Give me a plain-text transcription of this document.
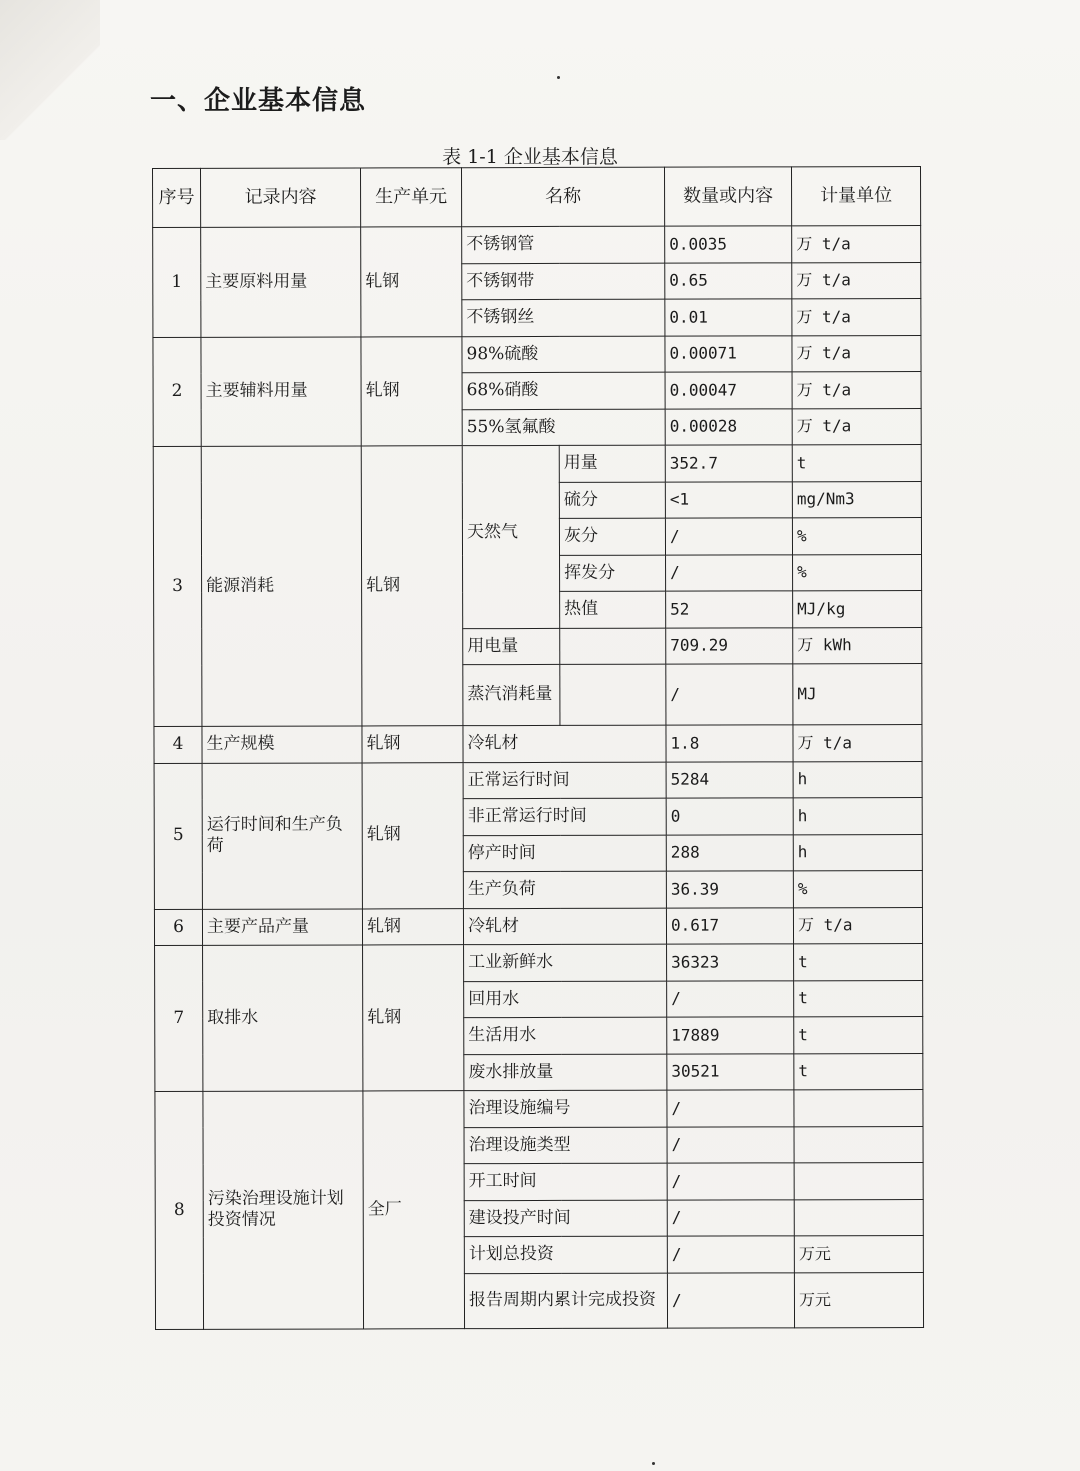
一、企业基本信息
表 1-1 企业基本信息
序号	记录内容	生产单元	名称		数量或内容	计量单位
1	主要原料用量	轧钢	不锈钢管		0.0035	万 t/a
			不锈钢带		0.65	万 t/a
			不锈钢丝		0.01	万 t/a
2	主要辅料用量	轧钢	98%硫酸		0.00071	万 t/a
			68%硝酸		0.00047	万 t/a
			55%氢氟酸		0.00028	万 t/a
3	能源消耗	轧钢	天然气	用量	352.7	t
				硫分	<1	mg/Nm3
				灰分	/	%
				挥发分	/	%
				热值	52	MJ/kg
			用电量		709.29	万 kWh
			蒸汽消耗量		/	MJ
4	生产规模	轧钢	冷轧材		1.8	万 t/a
5	运行时间和生产负荷	轧钢	正常运行时间		5284	h
			非正常运行时间		0	h
			停产时间		288	h
			生产负荷		36.39	%
6	主要产品产量	轧钢	冷轧材		0.617	万 t/a
7	取排水	轧钢	工业新鲜水		36323	t
			回用水		/	t
			生活用水		17889	t
			废水排放量		30521	t
8	污染治理设施计划投资情况	全厂	治理设施编号		/	
			治理设施类型		/	
			开工时间		/	
			建设投产时间		/	
			计划总投资		/	万元
			报告周期内累计完成投资		/	万元
